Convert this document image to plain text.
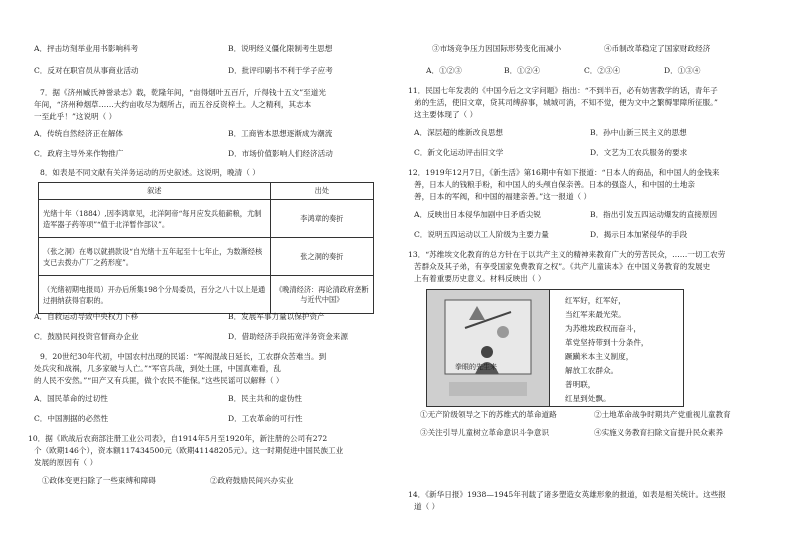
A．抨击坊刻举业用书影响科考	B．说明经义僵化限制考生思想
C．反对在职官员从事商业活动	D．批评印刷书不利于学子应考
7．据《济州臧氏神誉录志》载，乾隆年间，“亩得烟叶五百斤，斤得钱十五文”至道光
年间，“济州种烟草……大约亩收尽为烟所占，而五谷反资梓土。人之精利，其志本
一至此乎！”这说明（ ）
A．传统自然经济正在解体	B．工商皆本思想逐渐成为潮流
C．政府主导外来作物推广	D．市场价值影响人们经济活动
8．如表是不同文献有关洋务运动的历史叙述。这说明，晚清（ ）
叙述	出处
光绪十年（1884）,因李鸿章见，北洋阿帝“每月应发兵船薪粮，尤制造军器子药等项”“值于北洋暂作部议”。	李鸿章的奏折
（张之洞）在粤以就捐款设“自光绪十五年起至十七年止，为数渐经核支已去拨办广厂之药形度”。	张之洞的奏折
（光绪初期电报局）开办后所集198个分局委员，百分之八十以上是通过捐纳获得官职的。	《晚清经济：再论清政府垄断与近代中国》
A．自救运动导致中央权力下移	B．发展军事力量以保护资产
C．鼓励民间投资官督商办企业	D．借助经济手段拓宽洋务资金来源
9．20世纪30年代初，中国农村出现的民谣：“军阀混战日延长，工农群众苦难当。到
处兵灾和战祸，几多家破与人亡。”“军官兵哉，到处土匪，中国真难看，乱
的人民不安然。”“田产又有兵匪，做个农民不能保。”这些民谣可以解释（ ）
A．国民革命的过切性	B．民主共和的虚伪性
C．中国割据的必然性	D．工农革命的可行性
10．据《欧战后农商部注册工业公司表》，自1914年5月至1920年，新注册的公司有272
个（欧期146个），资本额117434500元（欧期41148205元）。这一时期促进中国民族工业
发展的原因有（ ）
①政体变更扫除了一些束缚和障碍	②政府鼓励民间兴办实业
③市场竞争压力因国际形势变化而减小	④币制改革稳定了国家财政经济
A．①②③	B．①②④	C．②③④	D．①③④
11．民国七年发表的《中国今后之文字问题》指出：“不到半百，必有妨害教学的话，青年子
弟的生活，使旧文章，贷其司缚辞事，城城可消，不知不觉，便为文中之繁缛罪障所征服。”
这主要体现了（ ）
A．深层超的维新改良思想	B．孙中山新三民主义的思想
C．新文化运动评击旧文学	D．文艺为工农兵服务的要求
12．1919年12月7日，《新生活》第16期中有如下报道：“日本人的商品，和中国人的金钱来
善，日本人的钱粮手粉，和中国人的头颅自保亲善。日本的强盗人，和中国的土地亲
善，日本的军阀，和中国的福建亲善。”这一报道（ ）
A．反映出日本侵华加剧中日矛盾尖锐	B．指出引发五四运动爆发的直接原因
C．说明五四运动以工人阶级为主要力量	D．揭示日本加紧侵华的手段
13．“苏维埃文化教育的总方针在于以共产主义的精神来教育广大的劳苦民众，……一切工农劳
苦群众及其子弟，有享受国家免费教育之权”。《共产儿童读本》在中国义务教育的发展史
上有着重要历史意义。材料反映出（ ）
拳眼的先生来
红军好，红军好，
当红军来最光荣。
为苏维埃政权而奋斗，
革党坚持带到十分条件，
蹶躏米本主义制度，
解放工农群众。
普明联，
红星到处飘。
①无产阶级领导之下的苏维式的革命道路	②土地革命战争时期共产党重视儿童教育
③关注引导儿童树立革命意识斗争意识	④实施义务教育扫除文盲提升民众素养
14．《新华日报》1938—1945年刊载了诸多塑造女英雄形象的报道，如表是相关统计。这些报
道（ ）
